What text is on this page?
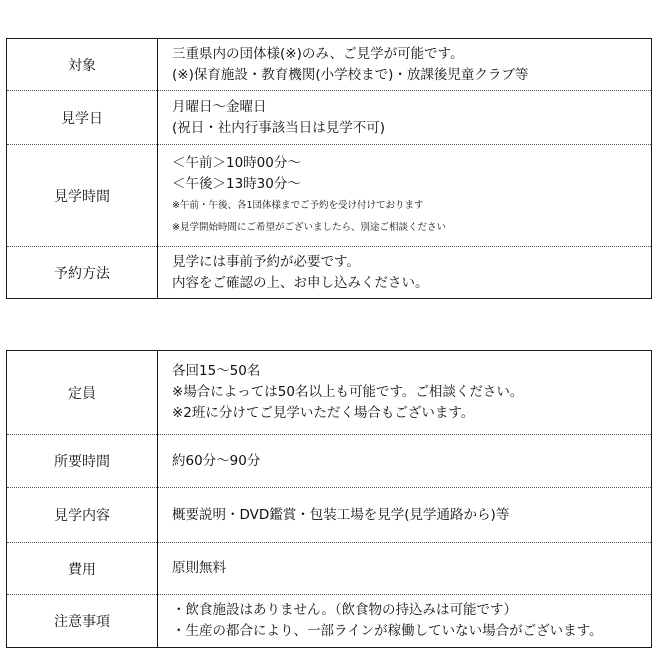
対象	三重県内の団体様(※)のみ、ご見学が可能です。
(※)保育施設・教育機関(小学校まで)・放課後児童クラブ等

見学日	月曜日～金曜日
(祝日・社内行事該当日は見学不可)

見学時間	＜午前＞10時00分～
＜午後＞13時30分～
※午前・午後、各1団体様までご予約を受け付けております
※見学開始時間にご希望がございましたら、別途ご相談ください

予約方法	見学には事前予約が必要です。
内容をご確認の上、お申し込みください。
定員	各回15～50名
※場合によっては50名以上も可能です。ご相談ください。
※2班に分けてご見学いただく場合もございます。

所要時間	約60分～90分

見学内容	概要説明・DVD鑑賞・包装工場を見学(見学通路から)等

費用	原則無料

注意事項	・飲食施設はありません。（飲食物の持込みは可能です）
・生産の都合により、一部ラインが稼働していない場合がございます。
